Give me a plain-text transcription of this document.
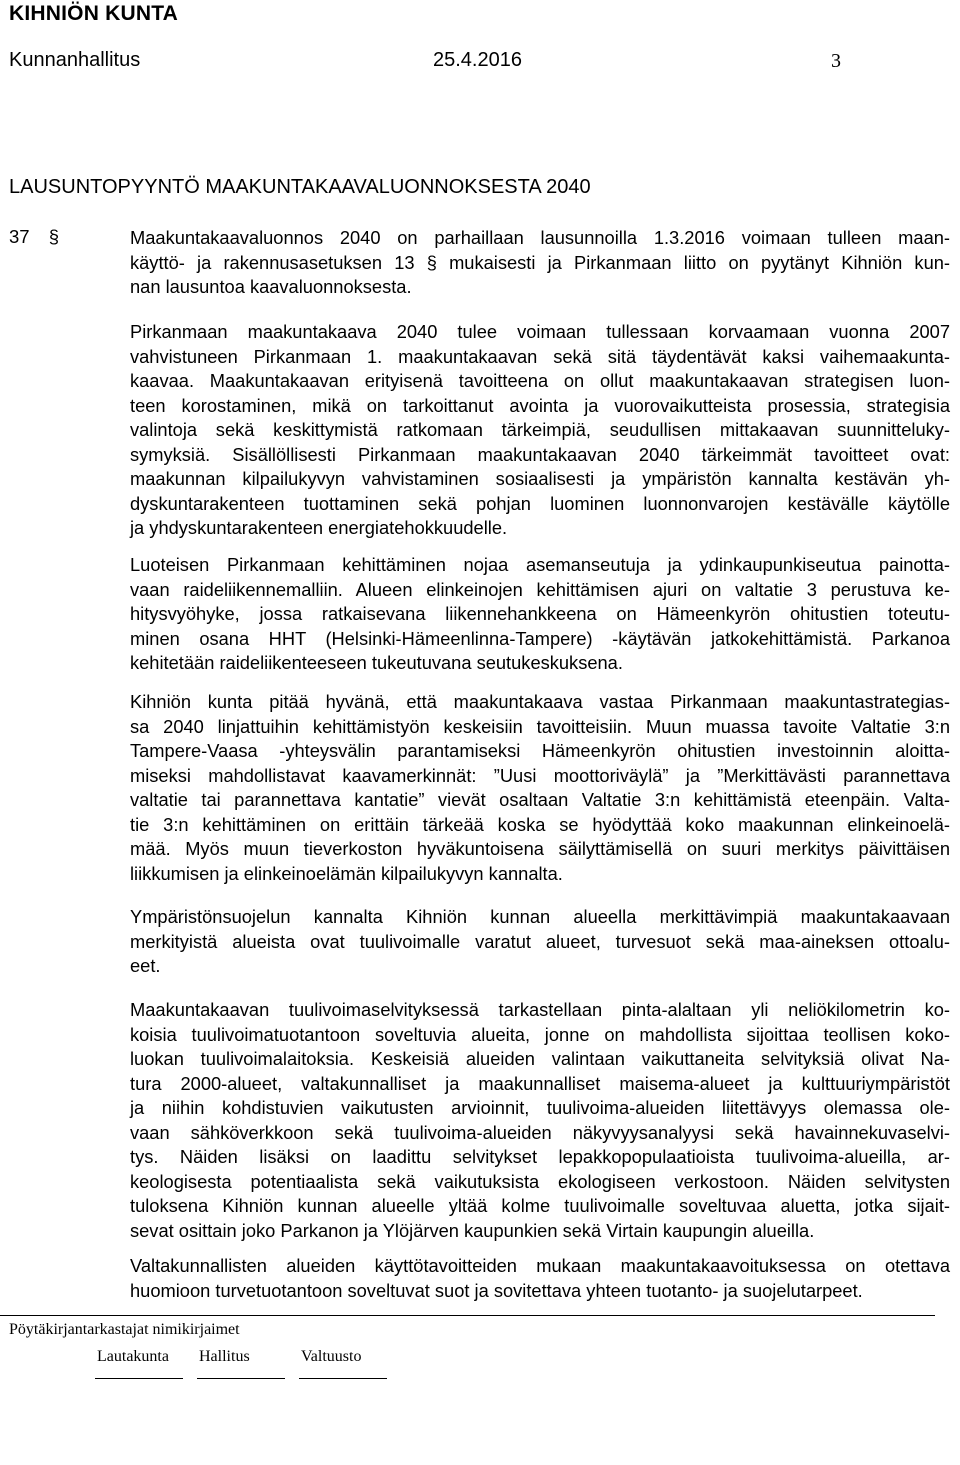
KIHNIÖN KUNTA
Kunnanhallitus	25.4.2016	3
LAUSUNTOPYYNTÖ MAAKUNTAKAAVALUONNOKSESTA 2040
37 §	Maakuntakaavaluonnos 2040 on parhaillaan lausunnoilla 1.3.2016 voimaan tulleen maan-
käyttö- ja rakennusasetuksen 13 § mukaisesti ja Pirkanmaan liitto on pyytänyt Kihniön kun-
nan lausuntoa kaavaluonnoksesta.
Pirkanmaan maakuntakaava 2040 tulee voimaan tullessaan korvaamaan vuonna 2007
vahvistuneen Pirkanmaan 1. maakuntakaavan sekä sitä täydentävät kaksi vaihemaakunta-
kaavaa. Maakuntakaavan erityisenä tavoitteena on ollut maakuntakaavan strategisen luon-
teen korostaminen, mikä on tarkoittanut avointa ja vuorovaikutteista prosessia, strategisia
valintoja sekä keskittymistä ratkomaan tärkeimpiä, seudullisen mittakaavan suunnitteluky-
symyksiä. Sisällöllisesti Pirkanmaan maakuntakaavan 2040 tärkeimmät tavoitteet ovat:
maakunnan kilpailukyvyn vahvistaminen sosiaalisesti ja ympäristön kannalta kestävän yh-
dyskuntarakenteen tuottaminen sekä pohjan luominen luonnonvarojen kestävälle käytölle
ja yhdyskuntarakenteen energiatehokkuudelle.
Luoteisen Pirkanmaan kehittäminen nojaa asemanseutuja ja ydinkaupunkiseutua painotta-
vaan raideliikennemalliin. Alueen elinkeinojen kehittämisen ajuri on valtatie 3 perustuva ke-
hitysvyöhyke, jossa ratkaisevana liikennehankkeena on Hämeenkyrön ohitustien toteutu-
minen osana HHT (Helsinki-Hämeenlinna-Tampere) -käytävän jatkokehittämistä. Parkanoa
kehitetään raideliikenteeseen tukeutuvana seutukeskuksena.
Kihniön kunta pitää hyvänä, että maakuntakaava vastaa Pirkanmaan maakuntastrategias-
sa 2040 linjattuihin kehittämistyön keskeisiin tavoitteisiin. Muun muassa tavoite Valtatie 3:n
Tampere-Vaasa -yhteysvälin parantamiseksi Hämeenkyrön ohitustien investoinnin aloitta-
miseksi mahdollistavat kaavamerkinnät: ”Uusi moottoriväylä” ja ”Merkittävästi parannettava
valtatie tai parannettava kantatie” vievät osaltaan Valtatie 3:n kehittämistä eteenpäin. Valta-
tie 3:n kehittäminen on erittäin tärkeää koska se hyödyttää koko maakunnan elinkeinoelä-
mää. Myös muun tieverkoston hyväkuntoisena säilyttämisellä on suuri merkitys päivittäisen
liikkumisen ja elinkeinoelämän kilpailukyvyn kannalta.
Ympäristönsuojelun kannalta Kihniön kunnan alueella merkittävimpiä maakuntakaavaan
merkityistä alueista ovat tuulivoimalle varatut alueet, turvesuot sekä maa-aineksen ottoalu-
eet.
Maakuntakaavan tuulivoimaselvityksessä tarkastellaan pinta-alaltaan yli neliökilometrin ko-
koisia tuulivoimatuotantoon soveltuvia alueita, jonne on mahdollista sijoittaa teollisen koko-
luokan tuulivoimalaitoksia. Keskeisiä alueiden valintaan vaikuttaneita selvityksiä olivat Na-
tura 2000-alueet, valtakunnalliset ja maakunnalliset maisema-alueet ja kulttuuriympäristöt
ja niihin kohdistuvien vaikutusten arvioinnit, tuulivoima-alueiden liitettävyys olemassa ole-
vaan sähköverkkoon sekä tuulivoima-alueiden näkyvyysanalyysi sekä havainnekuvaselvi-
tys. Näiden lisäksi on laadittu selvitykset lepakkopopulaatioista tuulivoima-alueilla, ar-
keologisesta potentiaalista sekä vaikutuksista ekologiseen verkostoon. Näiden selvitysten
tuloksena Kihniön kunnan alueelle yltää kolme tuulivoimalle soveltuvaa aluetta, jotka sijait-
sevat osittain joko Parkanon ja Ylöjärven kaupunkien sekä Virtain kaupungin alueilla.
Valtakunnallisten alueiden käyttötavoitteiden mukaan maakuntakaavoituksessa on otettava
huomioon turvetuotantoon soveltuvat suot ja sovitettava yhteen tuotanto- ja suojelutarpeet.
Pöytäkirjantarkastajat nimikirjaimet
Lautakunta Hallitus	Valtuusto
